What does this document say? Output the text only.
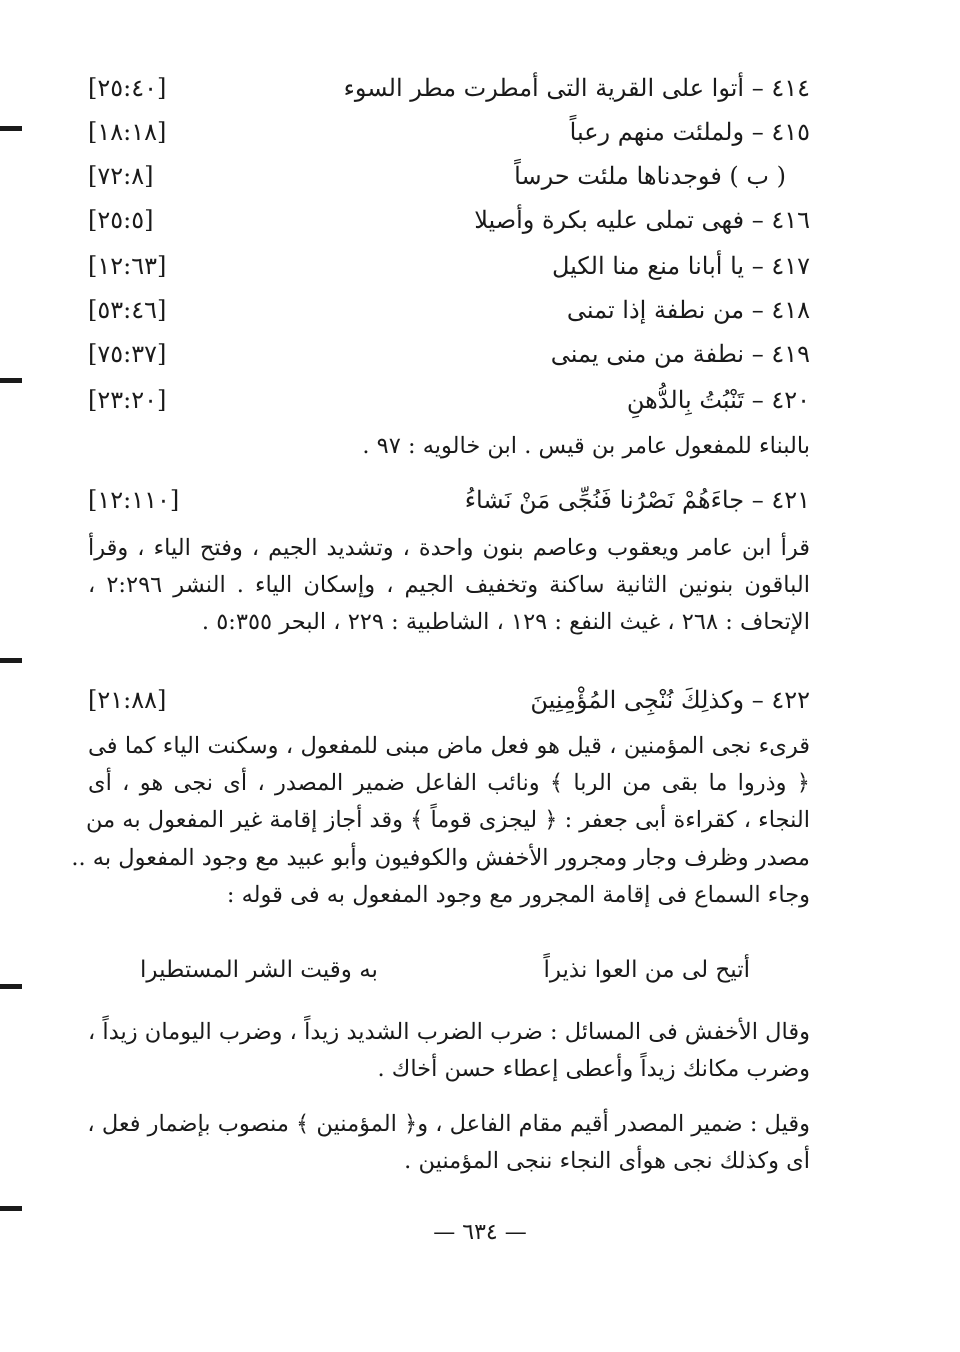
٤١٤ – أتوا على القرية التى أمطرت مطر السوء
[٢٥:٤٠]
٤١٥ – ولملئت منهم رعباً
[١٨:١٨]
( ب ) فوجدناها ملئت حرساً
[٧٢:٨]
٤١٦ – فهى تملى عليه بكرة وأصيلا
[٢٥:٥]
٤١٧ – يا أبانا منع منا الكيل
[١٢:٦٣]
٤١٨ – من نطفة إذا تمنى
[٥٣:٤٦]
٤١٩ – نطفة من منى يمنى
[٧٥:٣٧]
٤٢٠ – تَنْبُتُ بِالدُّهنِ
[٢٣:٢٠]
بالبناء للمفعول عامر بن قيس . ابن خالويه : ٩٧ .
٤٢١ – جاءَهُمْ نَصْرُنا فَنُجِّى مَنْ نَشاءُ
[١٢:١١٠]
قرأ ابن عامر ويعقوب وعاصم بنون واحدة ، وتشديد الجيم ، وفتح الياء ، وقرأ
الباقون بنونين الثانية ساكنة وتخفيف الجيم ، وإسكان الياء . النشر ٢:٢٩٦ ،
الإتحاف : ٢٦٨ ، غيث النفع : ١٢٩ ، الشاطبية : ٢٢٩ ، البحر ٥:٣٥٥ .
٤٢٢ – وكذلِكَ نُنْجِى المُؤْمِنِينَ
[٢١:٨٨]
قرىء نجى المؤمنين ، قيل هو فعل ماض مبنى للمفعول ، وسكنت الياء كما فى
﴿ وذروا ما بقى من الربا ﴾ ونائب الفاعل ضمير المصدر ، أى نجى هو ، أى
النجاء ، كقراءة أبى جعفر : ﴿ ليجزى قوماً ﴾ وقد أجاز إقامة غير المفعول به من
مصدر وظرف وجار ومجرور الأخفش والكوفيون وأبو عبيد مع وجود المفعول به ..
وجاء السماع فى إقامة المجرور مع وجود المفعول به فى قوله :
أتيح لى من العوا نذيراً
به وقيت الشر المستطيرا
وقال الأخفش فى المسائل : ضرب الضرب الشديد زيداً ، وضرب اليومان زيداً ،
وضرب مكانك زيداً وأعطى إعطاء حسن أخاك .
وقيل : ضمير المصدر أقيم مقام الفاعل ، و﴿ المؤمنين ﴾ منصوب بإضمار فعل ،
أى وكذلك نجى هوأى النجاء ننجى المؤمنين .
— ٦٣٤ —
